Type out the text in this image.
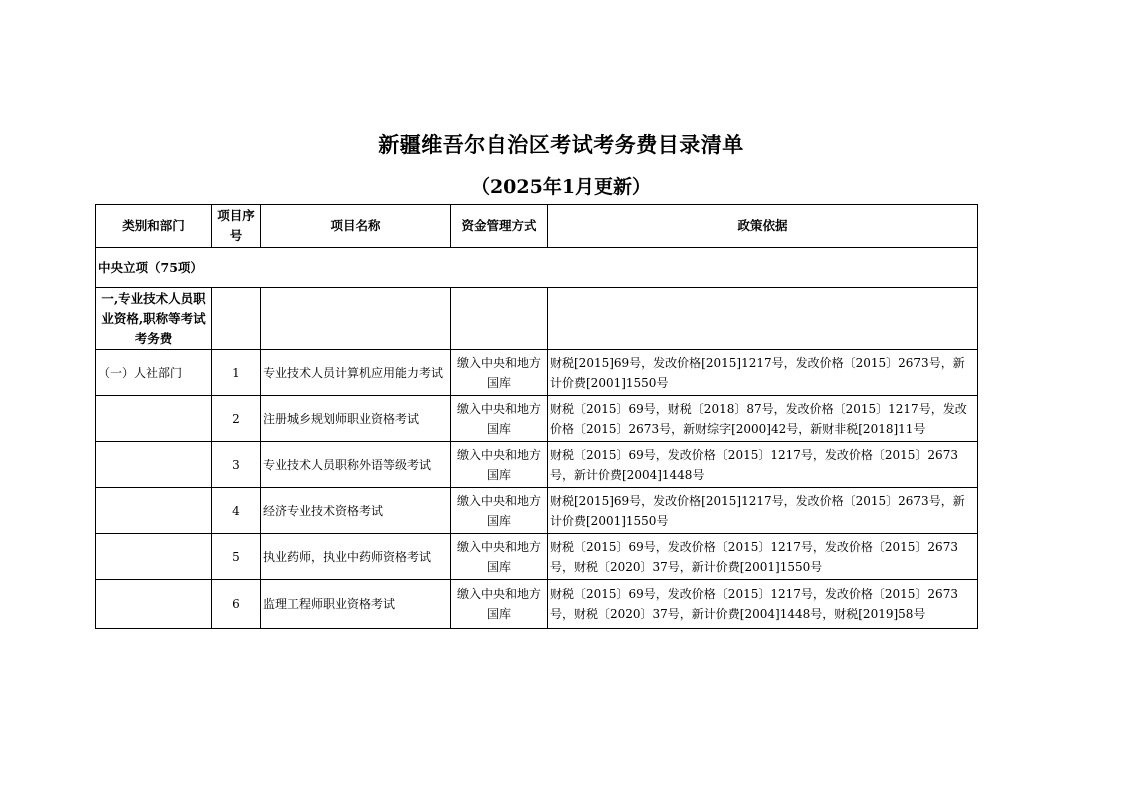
新疆维吾尔自治区考试考务费目录清单
（2025年1月更新）
类别和部门	项目序号	项目名称	资金管理方式	政策依据
中央立项（75项）				
一,专业技术人员职业资格,职称等考试考务费				
（一）人社部门	1	专业技术人员计算机应用能力考试	缴入中央和地方国库	财税[2015]69号，发改价格[2015]1217号，发改价格〔2015〕2673号，新计价费[2001]1550号
	2	注册城乡规划师职业资格考试	缴入中央和地方国库	财税〔2015〕69号，财税〔2018〕87号，发改价格〔2015〕1217号，发改价格〔2015〕2673号，新财综字[2000]42号，新财非税[2018]11号
	3	专业技术人员职称外语等级考试	缴入中央和地方国库	财税〔2015〕69号，发改价格〔2015〕1217号，发改价格〔2015〕2673号，新计价费[2004]1448号
	4	经济专业技术资格考试	缴入中央和地方国库	财税[2015]69号，发改价格[2015]1217号，发改价格〔2015〕2673号，新计价费[2001]1550号
	5	执业药师，执业中药师资格考试	缴入中央和地方国库	财税〔2015〕69号，发改价格〔2015〕1217号，发改价格〔2015〕2673号，财税〔2020〕37号，新计价费[2001]1550号
	6	监理工程师职业资格考试	缴入中央和地方国库	财税〔2015〕69号，发改价格〔2015〕1217号，发改价格〔2015〕2673号，财税〔2020〕37号，新计价费[2004]1448号，财税[2019]58号
